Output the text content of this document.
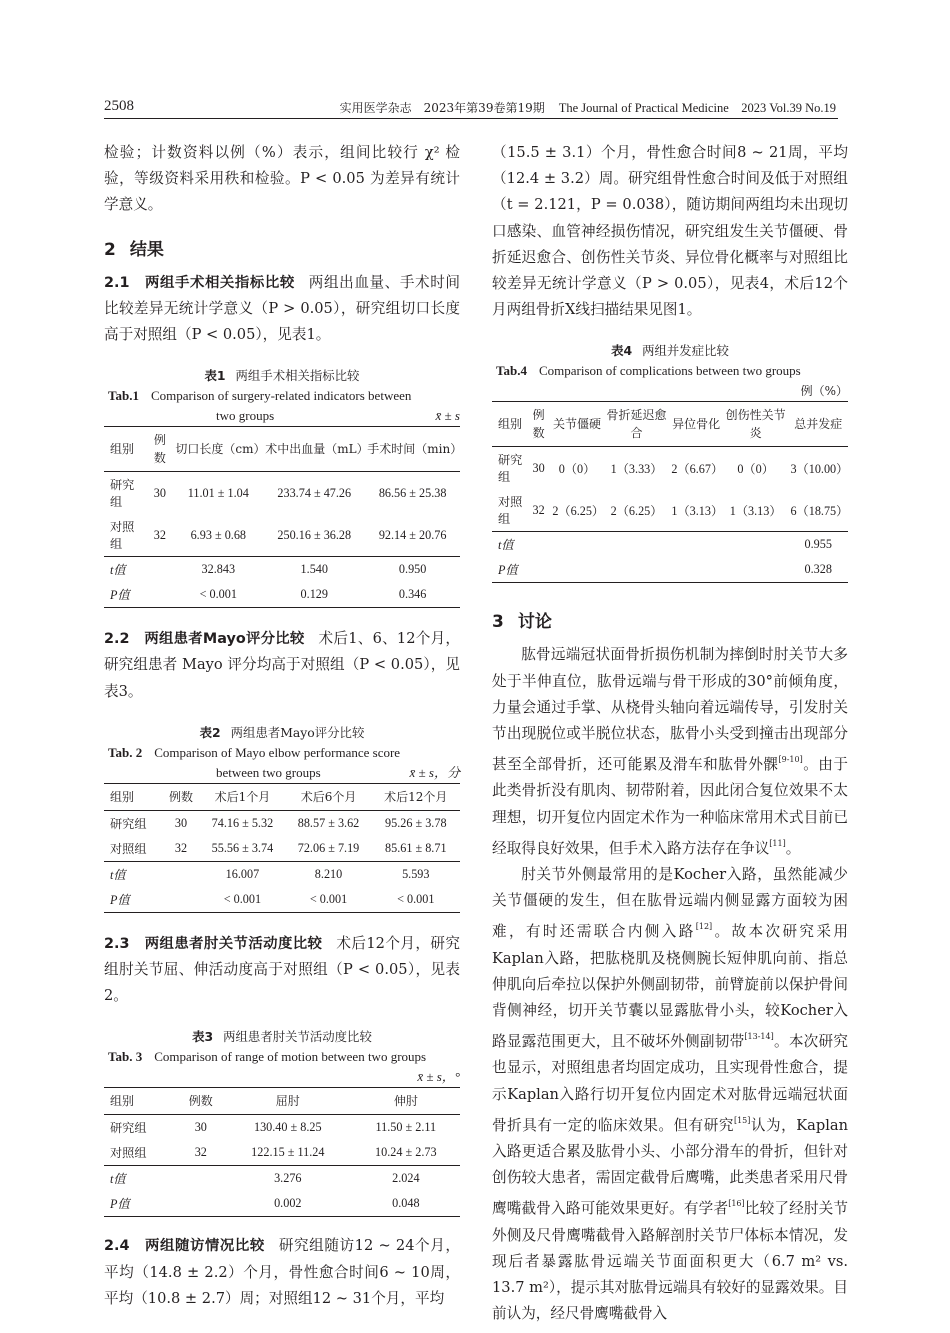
2508	实用医学杂志　2023年第39卷第19期 The Journal of Practical Medicine　2023 Vol.39 No.19

检验；计数资料以例（%）表示，组间比较行 χ² 检验，等级资料采用秩和检验。P < 0.05 为差异有统计学意义。

2 结果

2.1　两组手术相关指标比较 两组出血量、手术时间比较差异无统计学意义（P > 0.05），研究组切口长度高于对照组（P < 0.05），见表1。

表1 两组手术相关指标比较
Tab.1 Comparison of surgery-related indicators between
two groups	x̄ ± s
组别	例数	切口长度（cm）	术中出血量（mL）	手术时间（min）
研究组	30	11.01 ± 1.04	233.74 ± 47.26	86.56 ± 25.38
对照组	32	6.93 ± 0.68	250.16 ± 36.28	92.14 ± 20.76
t值		32.843	1.540	0.950
P值		< 0.001	0.129	0.346

2.2　两组患者Mayo评分比较 术后1、6、12个月，研究组患者 Mayo 评分均高于对照组（P < 0.05），见表3。

表2 两组患者Mayo评分比较
Tab. 2 Comparison of Mayo elbow performance score
between two groups	x̄ ± s，分
组别	例数	术后1个月	术后6个月	术后12个月
研究组	30	74.16 ± 5.32	88.57 ± 3.62	95.26 ± 3.78
对照组	32	55.56 ± 3.74	72.06 ± 7.19	85.61 ± 8.71
t值		16.007	8.210	5.593
P值		< 0.001	< 0.001	< 0.001

2.3　两组患者肘关节活动度比较 术后12个月，研究组肘关节屈、伸活动度高于对照组（P < 0.05），见表2。

表3 两组患者肘关节活动度比较
Tab. 3 Comparison of range of motion between two groups
x̄ ± s，°
组别	例数	屈肘	伸肘
研究组	30	130.40 ± 8.25	11.50 ± 2.11
对照组	32	122.15 ± 11.24	10.24 ± 2.73
t值		3.276	2.024
P值		0.002	0.048

2.4　两组随访情况比较 研究组随访12 ~ 24个月，平均（14.8 ± 2.2）个月，骨性愈合时间6 ~ 10周，平均（10.8 ± 2.7）周；对照组12 ~ 31个月，平均

（15.5 ± 3.1）个月，骨性愈合时间8 ~ 21周，平均（12.4 ± 3.2）周。研究组骨性愈合时间及低于对照组（t = 2.121，P = 0.038），随访期间两组均未出现切口感染、血管神经损伤情况，研究组发生关节僵硬、骨折延迟愈合、创伤性关节炎、异位骨化概率与对照组比较差异无统计学意义（P > 0.05），见表4，术后12个月两组骨折X线扫描结果见图1。

表4 两组并发症比较
Tab.4 Comparison of complications between two groups
例（%）
组别	例数	关节僵硬	骨折延迟愈合	异位骨化	创伤性关节炎	总并发症
研究组	30	0（0）	1（3.33）	2（6.67）	0（0）	3（10.00）
对照组	32	2（6.25）	2（6.25）	1（3.13）	1（3.13）	6（18.75）
t值						0.955
P值						0.328
3 讨论

肱骨远端冠状面骨折损伤机制为摔倒时肘关节大多处于半伸直位，肱骨远端与骨干形成的30°前倾角度，力量会通过手掌、从桡骨头轴向着远端传导，引发肘关节出现脱位或半脱位状态，肱骨小头受到撞击出现部分甚至全部骨折，还可能累及滑车和肱骨外髁[9-10]。由于此类骨折没有肌肉、韧带附着，因此闭合复位效果不太理想，切开复位内固定术作为一种临床常用术式目前已经取得良好效果，但手术入路方法存在争议[11]。

肘关节外侧最常用的是Kocher入路，虽然能减少关节僵硬的发生，但在肱骨远端内侧显露方面较为困难，有时还需联合内侧入路[12]。故本次研究采用Kaplan入路，把肱桡肌及桡侧腕长短伸肌向前、指总伸肌向后牵拉以保护外侧副韧带，前臂旋前以保护骨间背侧神经，切开关节囊以显露肱骨小头，较Kocher入路显露范围更大，且不破坏外侧副韧带[13-14]。本次研究也显示，对照组患者均固定成功，且实现骨性愈合，提示Kaplan入路行切开复位内固定术对肱骨远端冠状面骨折具有一定的临床效果。但有研究[15]认为，Kaplan入路更适合累及肱骨小头、小部分滑车的骨折，但针对创伤较大患者，需固定截骨后鹰嘴，此类患者采用尺骨鹰嘴截骨入路可能效果更好。有学者[16]比较了经肘关节外侧及尺骨鹰嘴截骨入路解剖肘关节尸体标本情况，发现后者暴露肱骨远端关节面面积更大（6.7 m² vs. 13.7 m²），提示其对肱骨远端具有较好的显露效果。目前认为，经尺骨鹰嘴截骨入
